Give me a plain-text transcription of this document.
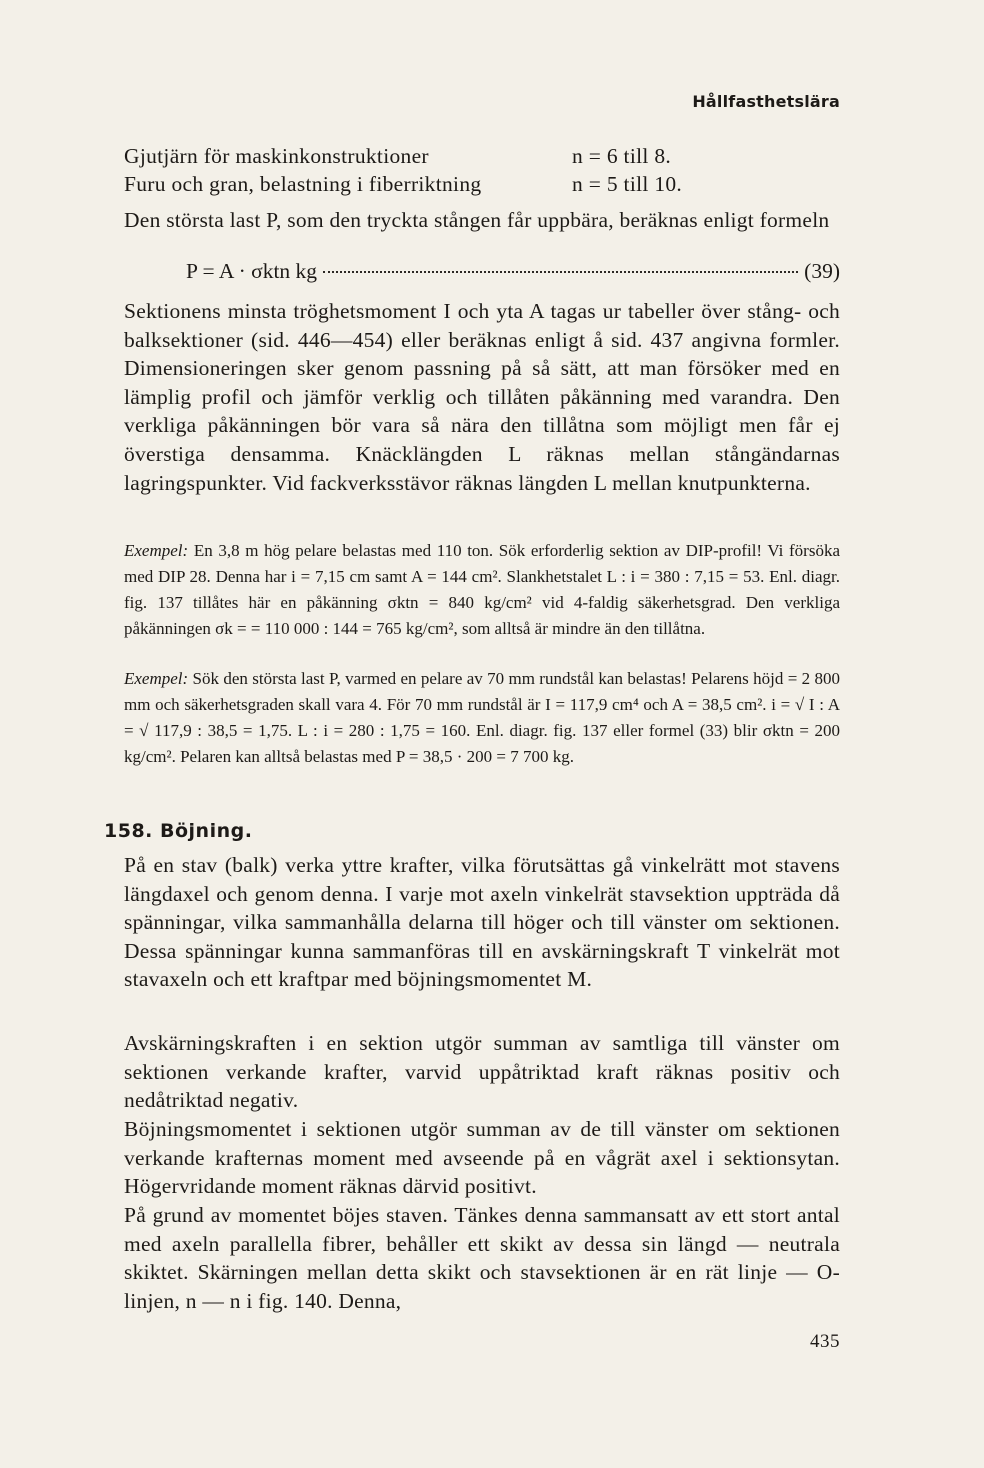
Hållfasthetslära
Gjutjärn för maskinkonstruktioner	n = 6 till 8.
Furu och gran, belastning i fiberriktning	n = 5 till 10.

Den största last P, som den tryckta stången får uppbära, beräknas enligt formeln

P = A · σktn kg	(39)

Sektionens minsta tröghetsmoment I och yta A tagas ur tabeller över stång- och balksektioner (sid. 446—454) eller beräknas enligt å sid. 437 angivna formler. Dimensioneringen sker genom passning på så sätt, att man försöker med en lämplig profil och jämför verklig och tillåten påkänning med varandra. Den verkliga påkänningen bör vara så nära den tillåtna som möjligt men får ej överstiga densamma. Knäcklängden L räknas mellan stångändarnas lagringspunkter. Vid fackverksstävor räknas längden L mellan knutpunkterna.

Exempel: En 3,8 m hög pelare belastas med 110 ton. Sök erforderlig sektion av DIP-profil! Vi försöka med DIP 28. Denna har i = 7,15 cm samt A = 144 cm². Slankhetstalet L : i = 380 : 7,15 = 53. Enl. diagr. fig. 137 tillåtes här en påkänning σktn = 840 kg/cm² vid 4-faldig säkerhetsgrad. Den verkliga påkänningen σk = = 110 000 : 144 = 765 kg/cm², som alltså är mindre än den tillåtna.

Exempel: Sök den största last P, varmed en pelare av 70 mm rundstål kan belastas! Pelarens höjd = 2 800 mm och säkerhetsgraden skall vara 4. För 70 mm rundstål är I = 117,9 cm⁴ och A = 38,5 cm². i = √ I : A = √ 117,9 : 38,5 = 1,75. L : i = 280 : 1,75 = 160. Enl. diagr. fig. 137 eller formel (33) blir σktn = 200 kg/cm². Pelaren kan alltså belastas med P = 38,5 · 200 = 7 700 kg.

158. Böjning.

På en stav (balk) verka yttre krafter, vilka förutsättas gå vinkelrätt mot stavens längdaxel och genom denna. I varje mot axeln vinkelrät stavsektion uppträda då spänningar, vilka sammanhålla delarna till höger och till vänster om sektionen. Dessa spänningar kunna sammanföras till en avskärningskraft T vinkelrät mot stavaxeln och ett kraftpar med böjningsmomentet M.

Avskärningskraften i en sektion utgör summan av samtliga till vänster om sektionen verkande krafter, varvid uppåtriktad kraft räknas positiv och nedåtriktad negativ.

Böjningsmomentet i sektionen utgör summan av de till vänster om sektionen verkande krafternas moment med avseende på en vågrät axel i sektionsytan. Högervridande moment räknas därvid positivt.

På grund av momentet böjes staven. Tänkes denna sammansatt av ett stort antal med axeln parallella fibrer, behåller ett skikt av dessa sin längd — neutrala skiktet. Skärningen mellan detta skikt och stavsektionen är en rät linje — O-linjen, n — n i fig. 140. Denna,

435
